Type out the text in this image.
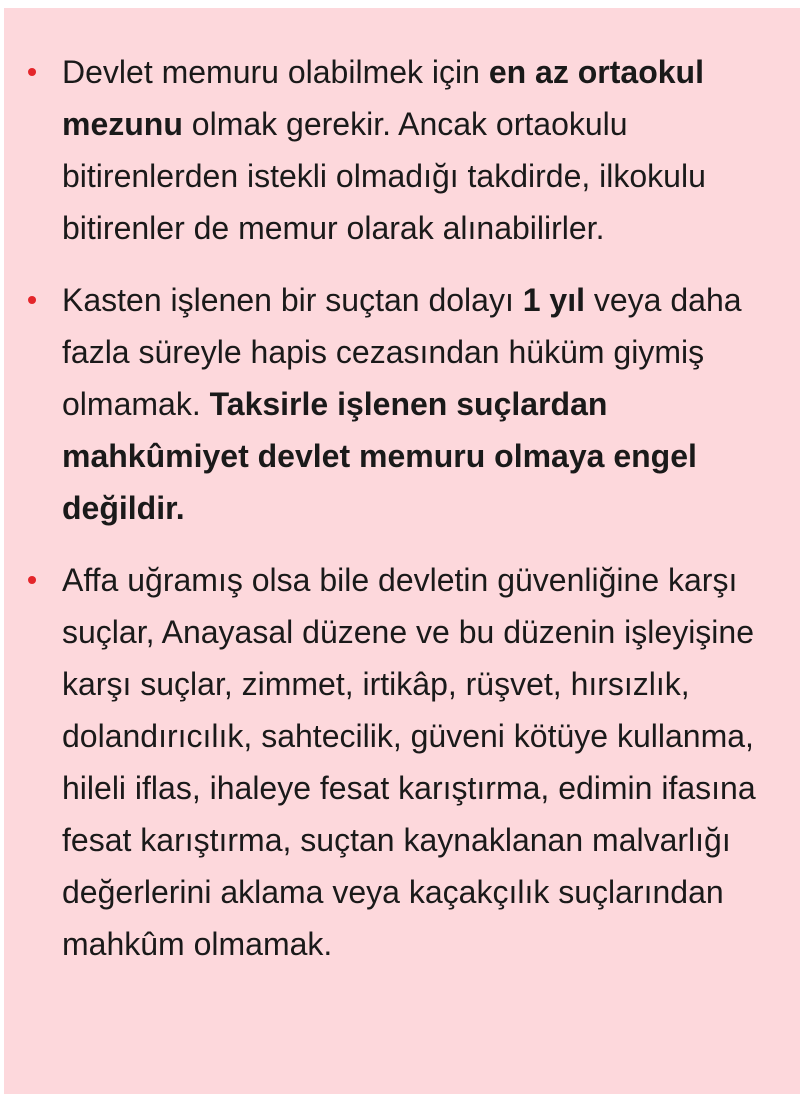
• Devlet memuru olabilmek için en az ortaokul mezunu olmak gerekir. Ancak ortaokulu bitirenlerden istekli olmadığı takdirde, ilkokulu bitirenler de memur olarak alınabilirler.
• Kasten işlenen bir suçtan dolayı 1 yıl veya daha fazla süreyle hapis cezasından hüküm giymiş olmamak. Taksirle işlenen suçlardan mahkûmiyet devlet memuru olmaya engel değildir.
• Affa uğramış olsa bile devletin güvenliğine karşı suçlar, Anayasal düzene ve bu düzenin işleyişine karşı suçlar, zimmet, irtikâp, rüşvet, hırsızlık, dolandırıcılık, sahtecilik, güveni kötüye kullanma, hileli iflas, ihaleye fesat karıştırma, edimin ifasına fesat karıştırma, suçtan kaynaklanan malvarlığı değerlerini aklama veya kaçakçılık suçlarından mahkûm olmamak.
